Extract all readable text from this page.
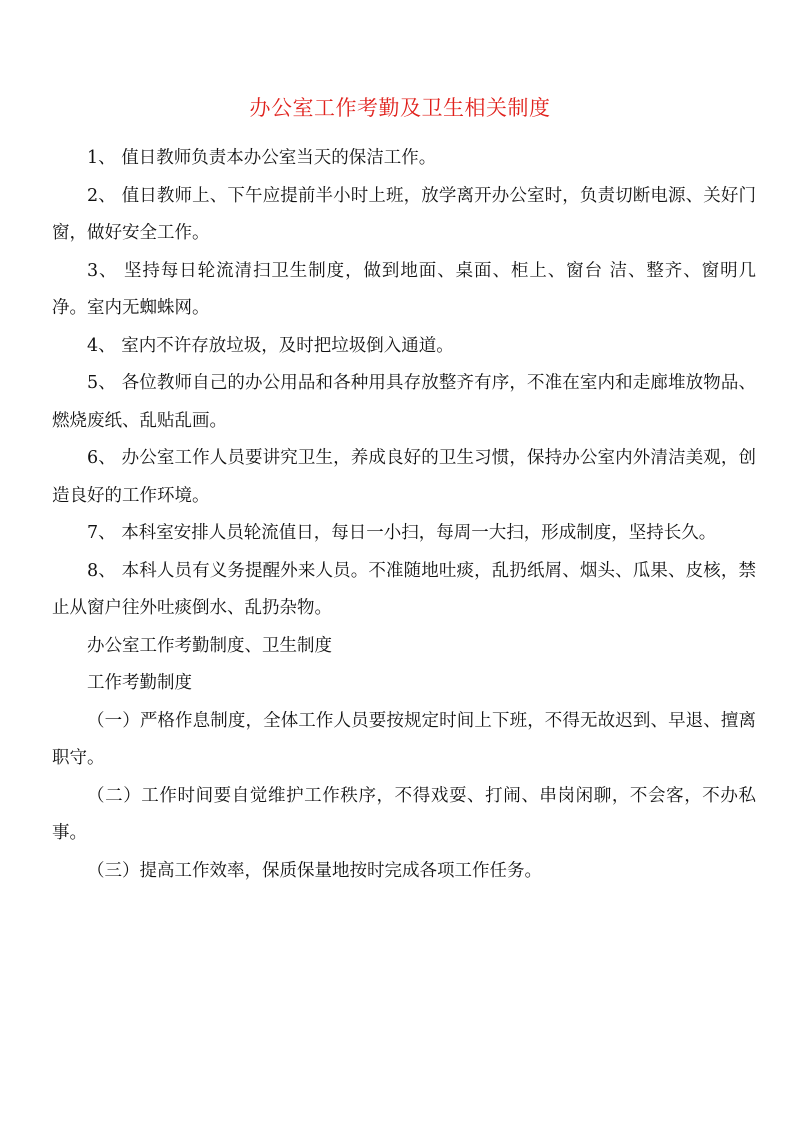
办公室工作考勤及卫生相关制度

1、 值日教师负责本办公室当天的保洁工作。

2、 值日教师上、下午应提前半小时上班，放学离开办公室时，负责切断电源、关好门窗，做好安全工作。

3、 坚持每日轮流清扫卫生制度，做到地面、桌面、柜上、窗台 洁、整齐、窗明几净。室内无蜘蛛网。

4、 室内不许存放垃圾，及时把垃圾倒入通道。

5、 各位教师自己的办公用品和各种用具存放整齐有序，不准在室内和走廊堆放物品、燃烧废纸、乱贴乱画。

6、 办公室工作人员要讲究卫生，养成良好的卫生习惯，保持办公室内外清洁美观，创造良好的工作环境。

7、 本科室安排人员轮流值日，每日一小扫，每周一大扫，形成制度，坚持长久。

8、 本科人员有义务提醒外来人员。不准随地吐痰，乱扔纸屑、烟头、瓜果、皮核，禁止从窗户往外吐痰倒水、乱扔杂物。

办公室工作考勤制度、卫生制度

工作考勤制度

（一）严格作息制度，全体工作人员要按规定时间上下班，不得无故迟到、早退、擅离职守。

（二）工作时间要自觉维护工作秩序，不得戏耍、打闹、串岗闲聊，不会客，不办私事。

（三）提高工作效率，保质保量地按时完成各项工作任务。
